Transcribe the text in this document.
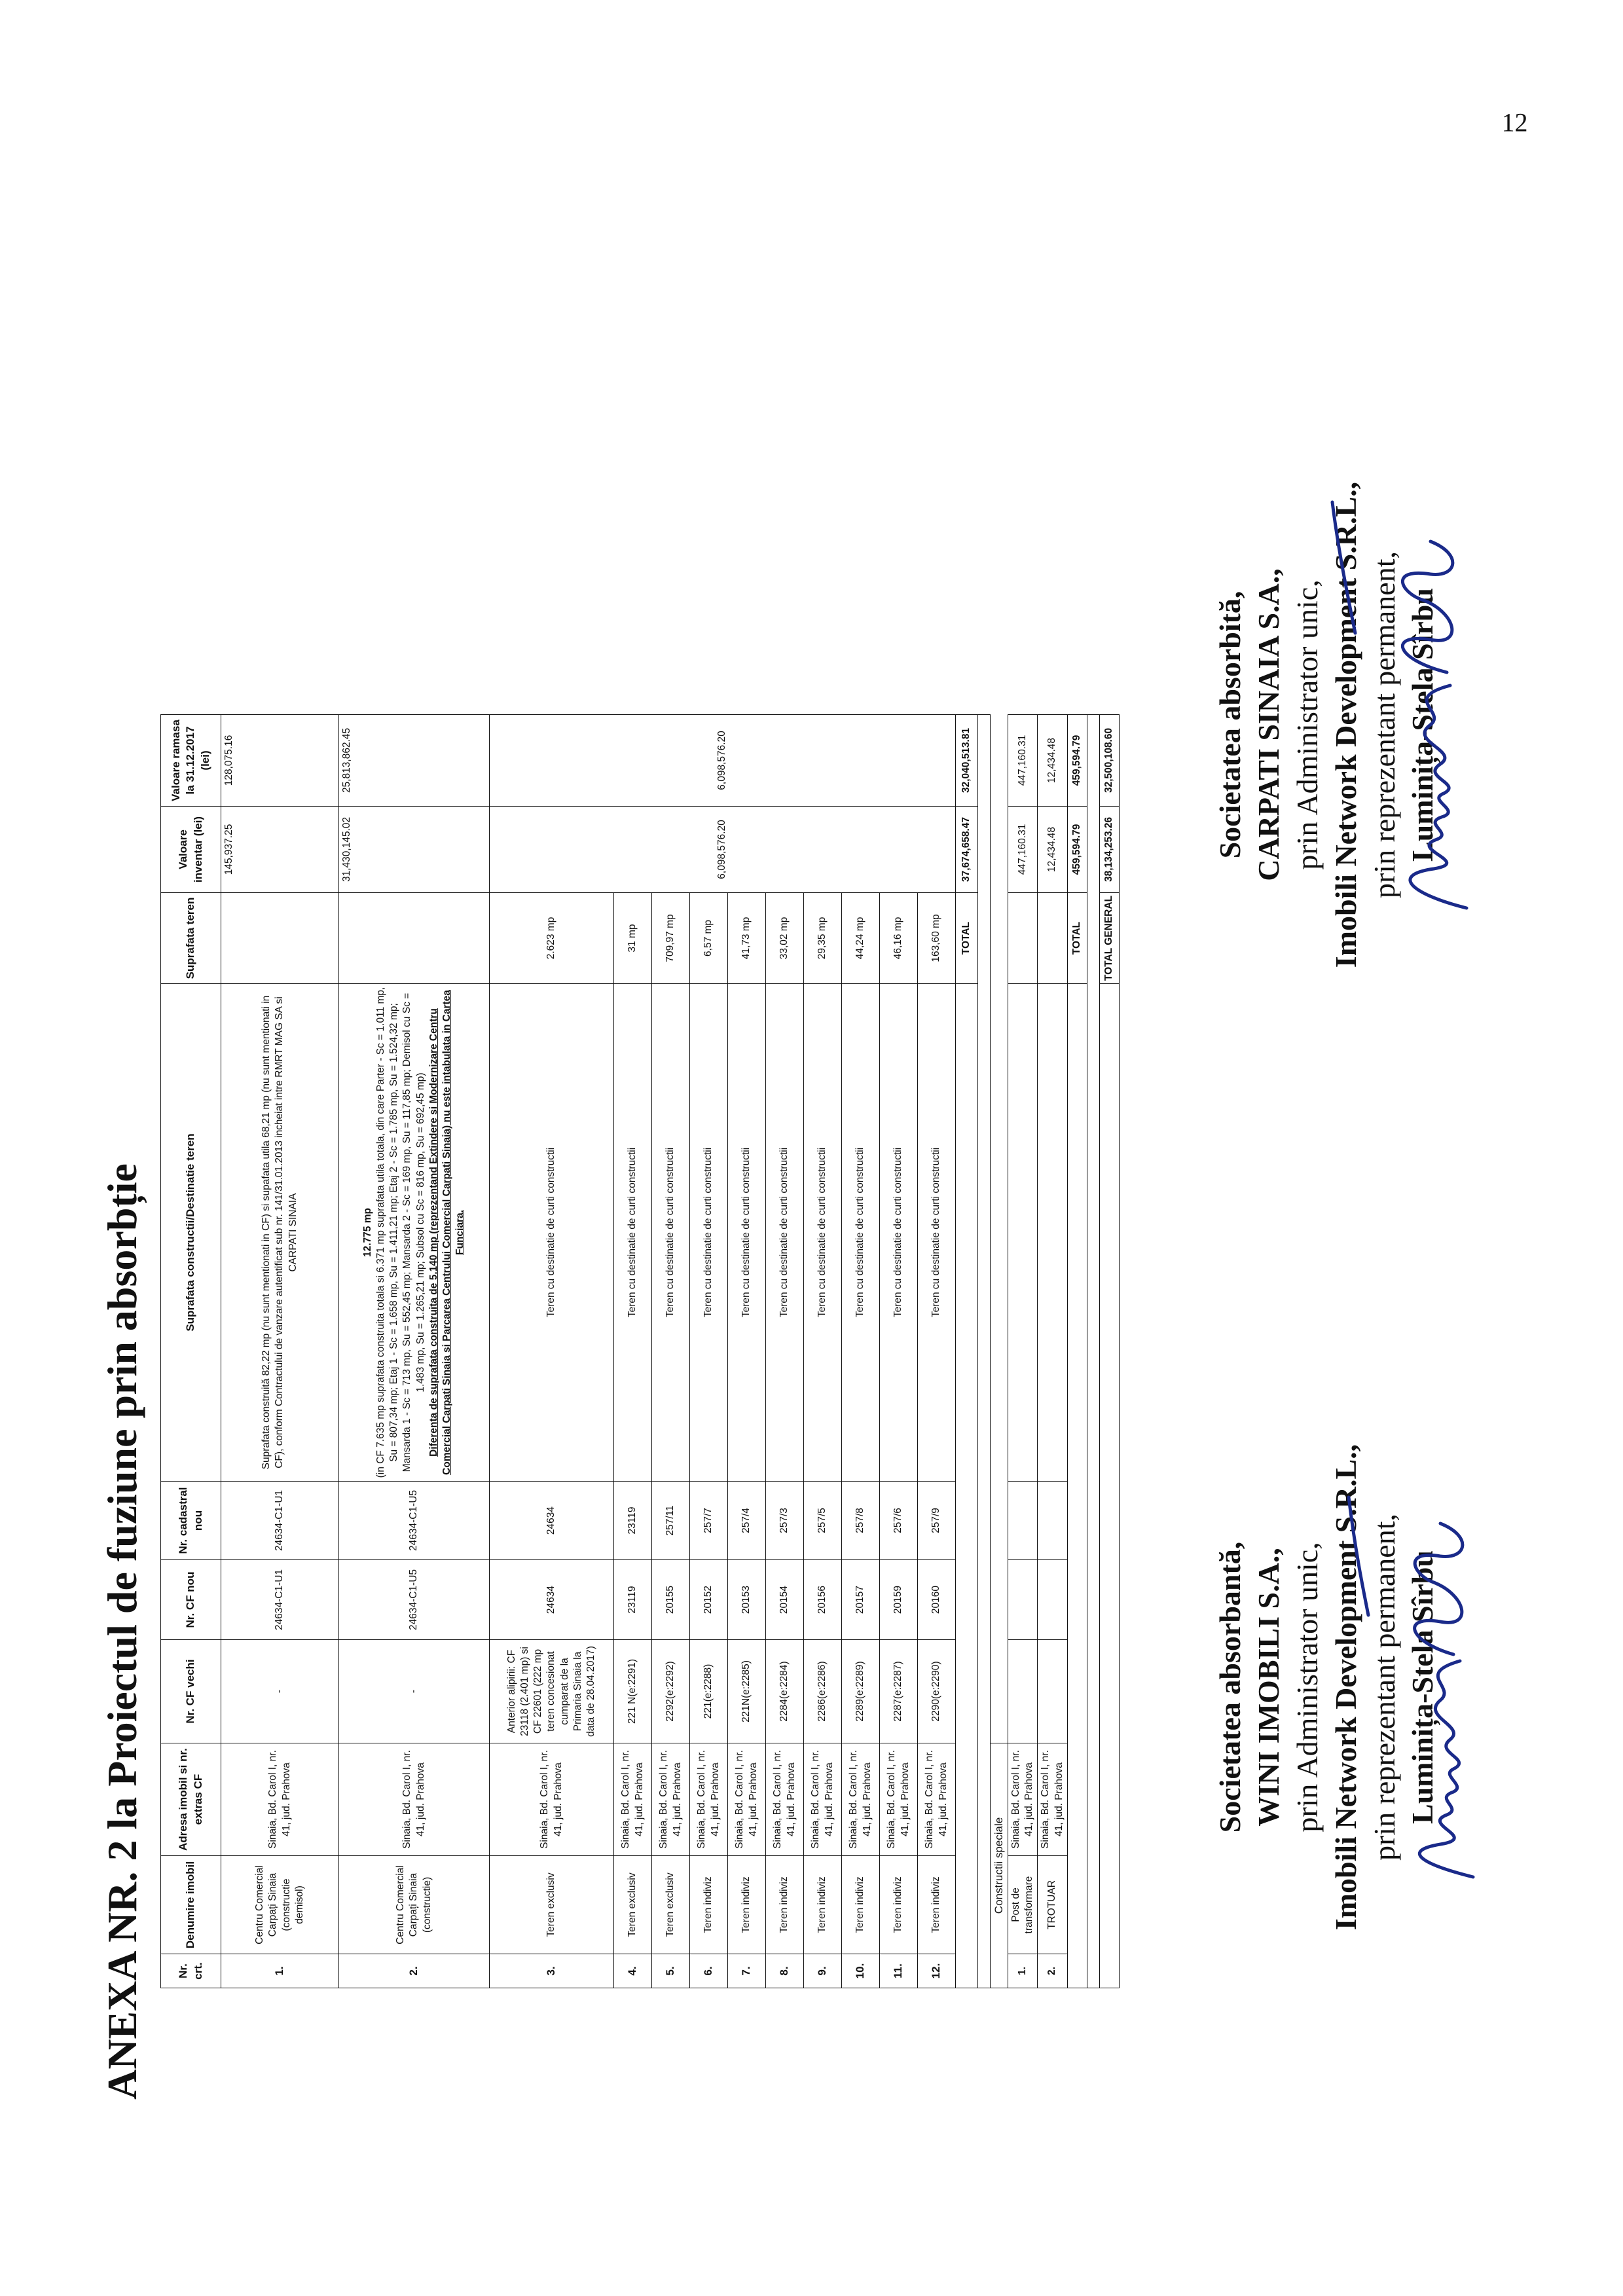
ANEXA NR. 2 la Proiectul de fuziune prin absorbție	Nr. crt.	Denumire imobil	Adresa imobil si nr. extras CF	Nr. CF vechi	Nr. CF nou	Nr. cadastral nou	Suprafata constructii/Destinatie teren	Suprafata teren	Valoare inventar (lei)	Valoare ramasa la 31.12.2017 (lei)
1.	Centru Comercial Carpați Sinaia (constructie demisol)	Sinaia, Bd. Carol I, nr. 41, jud. Prahova	-	24634-C1-U1	24634-C1-U1	Suprafata construită 82,22 mp (nu sunt mentionati in CF) si supafata utila 68,21 mp (nu sunt mentionati in CF), conform Contractului de vanzare autentificat sub nr. 141/31.01.2013 incheiat intre RMRT MAG SA si CARPATI SINAIA		145,937.25	128,075.16
2.	Centru Comercial Carpați Sinaia (constructie)	Sinaia, Bd. Carol I, nr. 41, jud. Prahova	-	24634-C1-U5	24634-C1-U5	12.775 mp (in CF 7.635 mp suprafata construita totala si 6.371 mp suprafata utila totala, din care Parter - Sc = 1.011 mp, Su = 807,34 mp; Etaj 1 - Sc = 1.658 mp, Su = 1.411,21 mp; Etaj 2 - Sc = 1.785 mp, Su = 1.524,32 mp; Mansarda 1 - Sc = 713 mp, Su = 552,45 mp; Mansarda 2 - Sc = 169 mp, Su = 117,85 mp; Demisol cu Sc = 1.483 mp, Su = 1.265,21 mp; Subsol cu Sc = 816 mp, Su = 692,45 mp) Diferenta de suprafata construita de 5.140 mp (reprezentand Extindere si Modernizare Centru Comercial Carpati Sinaia si Parcarea Centrului Comercial Carpati Sinaia) nu este intabulata in Cartea Funciara.		31,430,145.02	25,813,862.45
3.	Teren exclusiv	Sinaia, Bd. Carol I, nr. 41, jud. Prahova	Anterior alipirii: CF 23118 (2.401 mp) si CF 22601 (222 mp teren concesionat cumparat de la Primaria Sinaia la data de 28.04.2017)	24634	24634	Teren cu destinatie de curti constructii	2.623 mp	6,098,576.20	6,098,576.20
4.	Teren exclusiv	Sinaia, Bd. Carol I, nr. 41, jud. Prahova	221 N(e:2291)	23119	23119	Teren cu destinatie de curti constructii	31 mp		
5.	Teren exclusiv	Sinaia, Bd. Carol I, nr. 41, jud. Prahova	2292(e:2292)	20155	257/11	Teren cu destinatie de curti constructii	709,97 mp		
6.	Teren indiviz	Sinaia, Bd. Carol I, nr. 41, jud. Prahova	221(e:2288)	20152	257/7	Teren cu destinatie de curti constructii	6,57 mp		
7.	Teren indiviz	Sinaia, Bd. Carol I, nr. 41, jud. Prahova	221N(e:2285)	20153	257/4	Teren cu destinatie de curti constructii	41,73 mp		
8.	Teren indiviz	Sinaia, Bd. Carol I, nr. 41, jud. Prahova	2284(e:2284)	20154	257/3	Teren cu destinatie de curti constructii	33,02 mp		
9.	Teren indiviz	Sinaia, Bd. Carol I, nr. 41, jud. Prahova	2286(e:2286)	20156	257/5	Teren cu destinatie de curti constructii	29,35 mp		
10.	Teren indiviz	Sinaia, Bd. Carol I, nr. 41, jud. Prahova	2289(e:2289)	20157	257/8	Teren cu destinatie de curti constructii	44,24 mp		
11.	Teren indiviz	Sinaia, Bd. Carol I, nr. 41, jud. Prahova	2287(e:2287)	20159	257/6	Teren cu destinatie de curti constructii	46,16 mp		
12.	Teren indiviz	Sinaia, Bd. Carol I, nr. 41, jud. Prahova	2290(e:2290)	20160	257/9	Teren cu destinatie de curti constructii	163,60 mp		
							TOTAL	37,674,658.47	32,040,513.81

Constructii speciale									
1.	Post de transformare	Sinaia, Bd. Carol I, nr. 41, jud. Prahova						447,160.31	447,160.31
2.	TROTUAR	Sinaia, Bd. Carol I, nr. 41, jud. Prahova						12,434.48	12,434.48
							TOTAL	459,594.79	459,594.79

							TOTAL GENERAL	38,134,253.26	32,500,108.60
Societatea absorbantă, WINI IMOBILI S.A., prin Administrator unic, Imobili Network Development S.R.L., prin reprezentant permanent, Luminița-Stela Sîrbu
Societatea absorbită, CARPATI SINAIA S.A., prin Administrator unic, Imobili Network Development S.R.L., prin reprezentant permanent, Luminița-Stela Sîrbu
12
